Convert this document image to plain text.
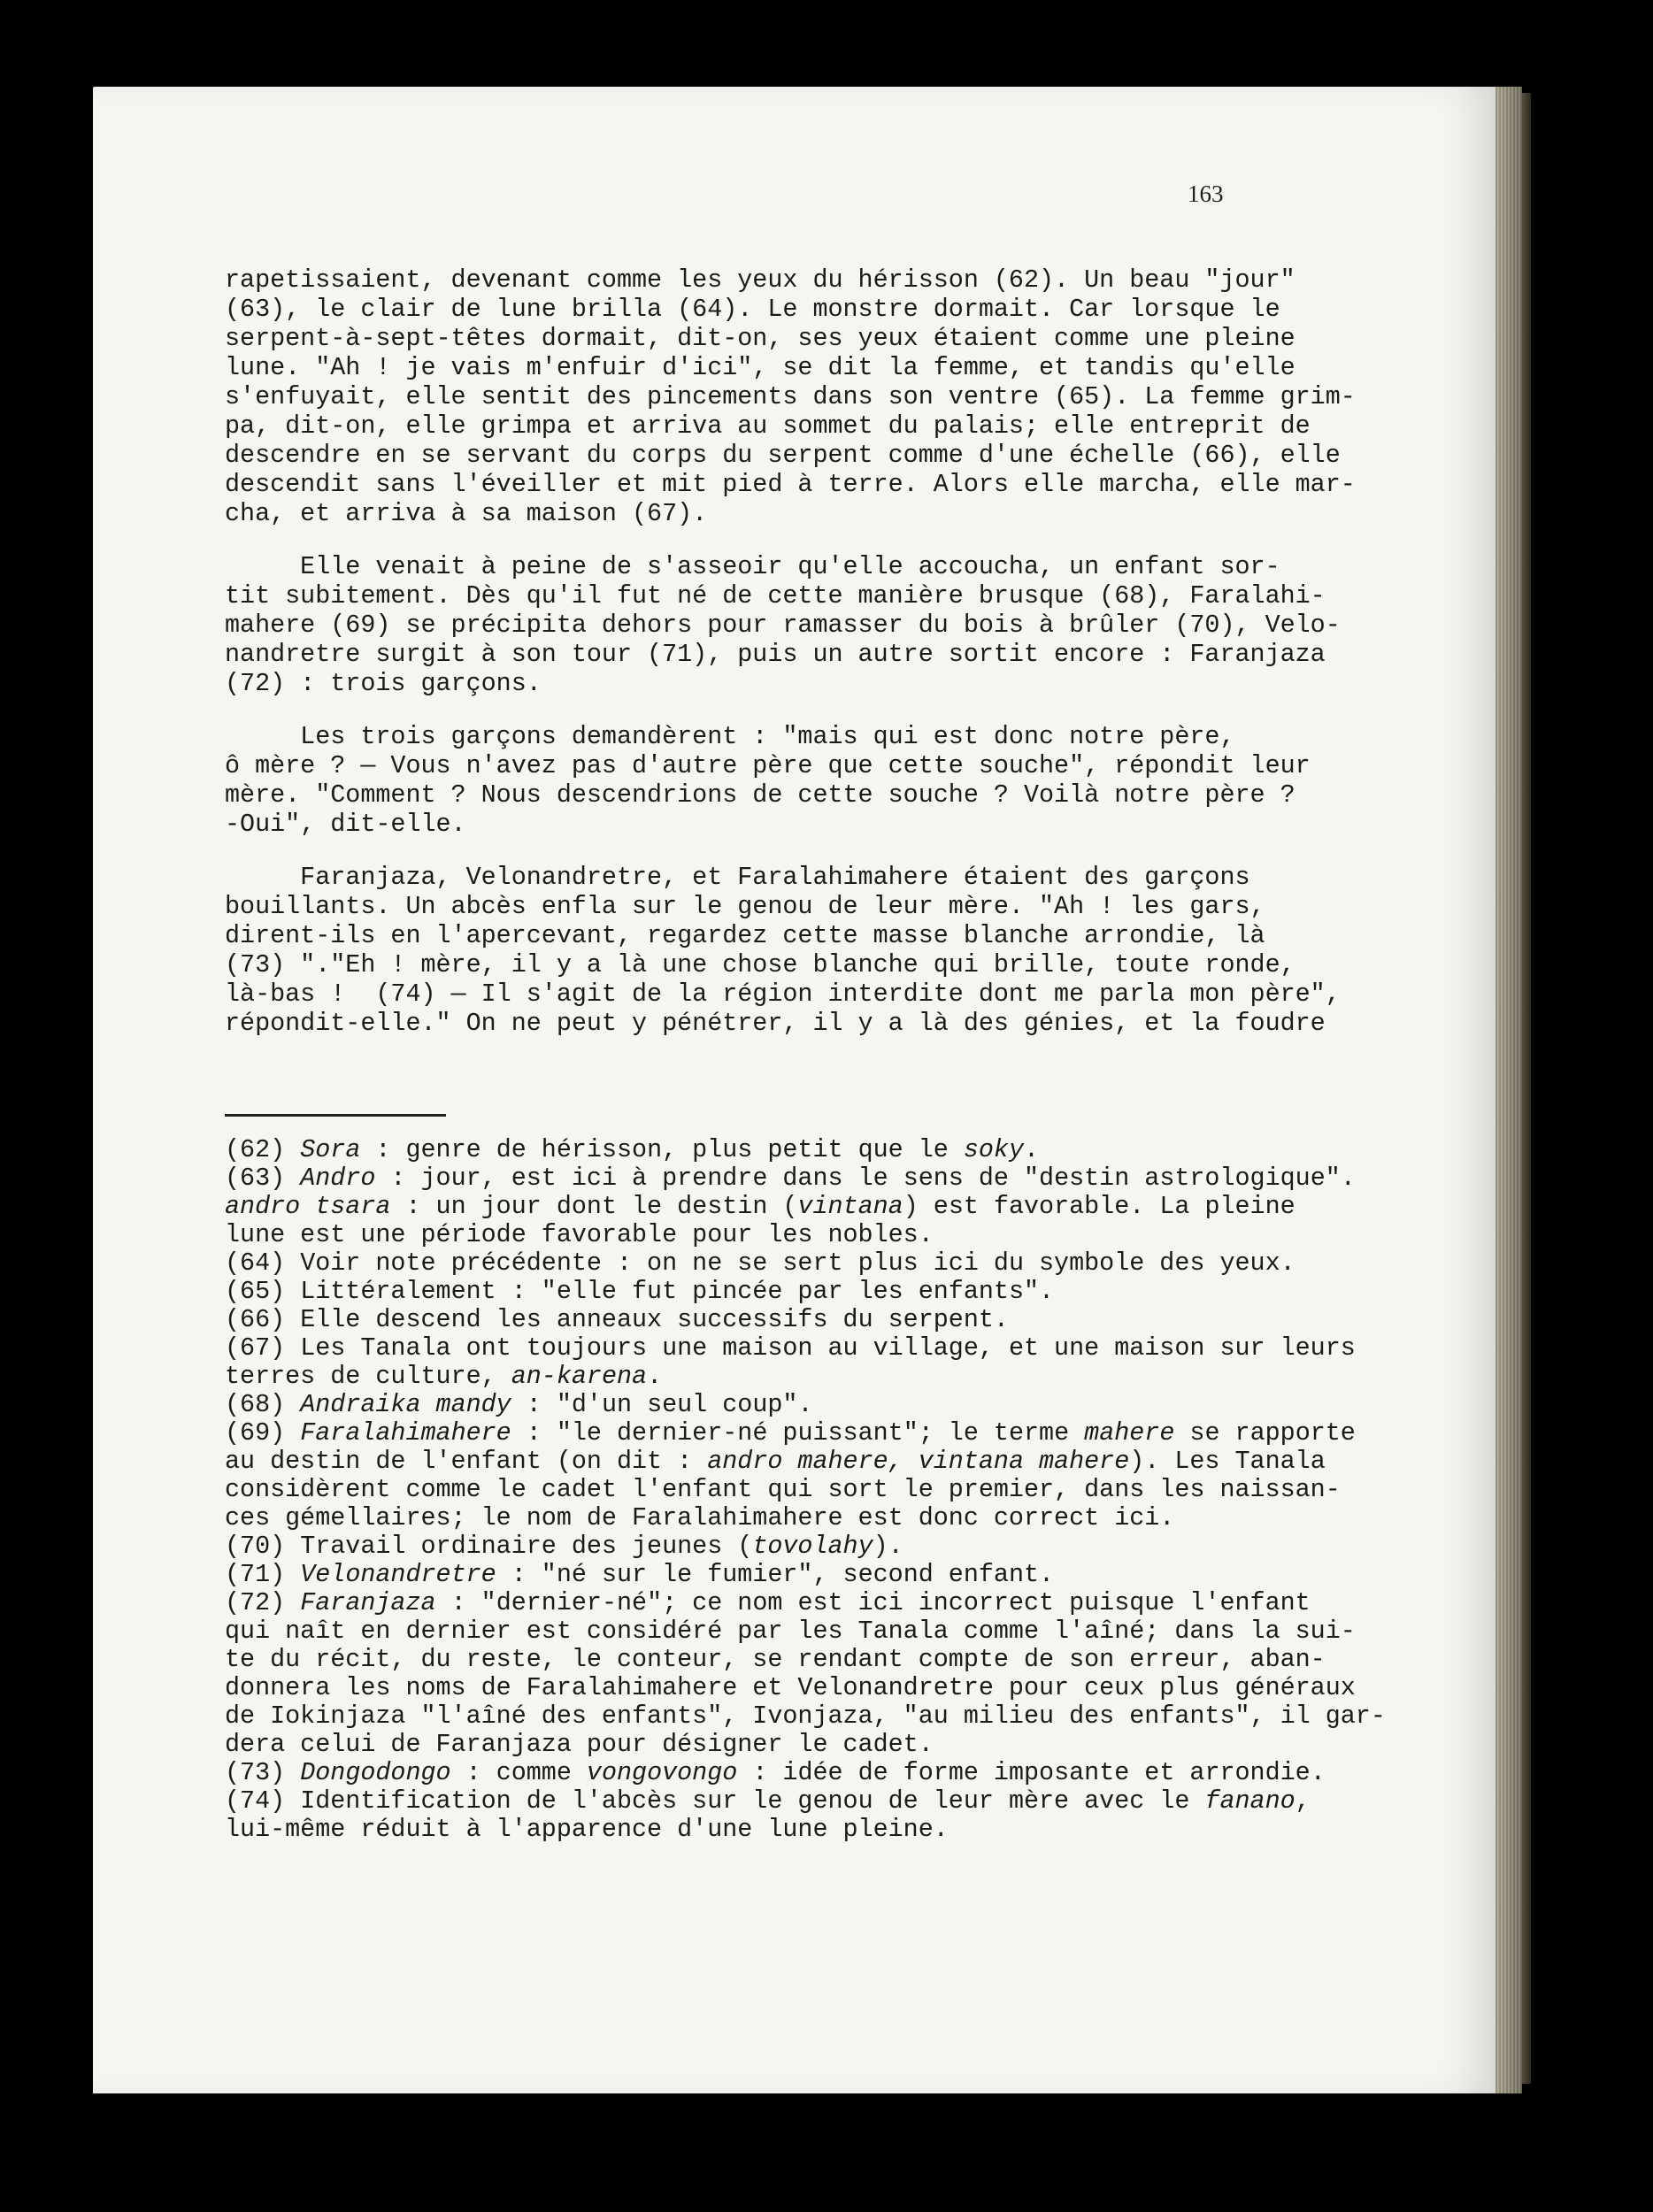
163
rapetissaient, devenant comme les yeux du hérisson (62). Un beau "jour"
(63), le clair de lune brilla (64). Le monstre dormait. Car lorsque le
serpent-à-sept-têtes dormait, dit-on, ses yeux étaient comme une pleine
lune. "Ah ! je vais m'enfuir d'ici", se dit la femme, et tandis qu'elle
s'enfuyait, elle sentit des pincements dans son ventre (65). La femme grim-
pa, dit-on, elle grimpa et arriva au sommet du palais; elle entreprit de
descendre en se servant du corps du serpent comme d'une échelle (66), elle
descendit sans l'éveiller et mit pied à terre. Alors elle marcha, elle mar-
cha, et arriva à sa maison (67).
Elle venait à peine de s'asseoir qu'elle accoucha, un enfant sor-
tit subitement. Dès qu'il fut né de cette manière brusque (68), Faralahi-
mahere (69) se précipita dehors pour ramasser du bois à brûler (70), Velo-
nandretre surgit à son tour (71), puis un autre sortit encore : Faranjaza
(72) : trois garçons.
Les trois garçons demandèrent : "mais qui est donc notre père,
ô mère ? — Vous n'avez pas d'autre père que cette souche", répondit leur
mère. "Comment ? Nous descendrions de cette souche ? Voilà notre père ?
-Oui", dit-elle.
Faranjaza, Velonandretre, et Faralahimahere étaient des garçons
bouillants. Un abcès enfla sur le genou de leur mère. "Ah ! les gars,
dirent-ils en l'apercevant, regardez cette masse blanche arrondie, là
(73) "."Eh ! mère, il y a là une chose blanche qui brille, toute ronde,
là-bas !  (74) — Il s'agit de la région interdite dont me parla mon père",
répondit-elle." On ne peut y pénétrer, il y a là des génies, et la foudre
(62) Sora : genre de hérisson, plus petit que le soky.
(63) Andro : jour, est ici à prendre dans le sens de "destin astrologique".
andro tsara : un jour dont le destin (vintana) est favorable. La pleine
lune est une période favorable pour les nobles.
(64) Voir note précédente : on ne se sert plus ici du symbole des yeux.
(65) Littéralement : "elle fut pincée par les enfants".
(66) Elle descend les anneaux successifs du serpent.
(67) Les Tanala ont toujours une maison au village, et une maison sur leurs
terres de culture, an-karena.
(68) Andraika mandy : "d'un seul coup".
(69) Faralahimahere : "le dernier-né puissant"; le terme mahere se rapporte
au destin de l'enfant (on dit : andro mahere, vintana mahere). Les Tanala
considèrent comme le cadet l'enfant qui sort le premier, dans les naissan-
ces gémellaires; le nom de Faralahimahere est donc correct ici.
(70) Travail ordinaire des jeunes (tovolahy).
(71) Velonandretre : "né sur le fumier", second enfant.
(72) Faranjaza : "dernier-né"; ce nom est ici incorrect puisque l'enfant
qui naît en dernier est considéré par les Tanala comme l'aîné; dans la sui-
te du récit, du reste, le conteur, se rendant compte de son erreur, aban-
donnera les noms de Faralahimahere et Velonandretre pour ceux plus généraux
de Iokinjaza "l'aîné des enfants", Ivonjaza, "au milieu des enfants", il gar-
dera celui de Faranjaza pour désigner le cadet.
(73) Dongodongo : comme vongovongo : idée de forme imposante et arrondie.
(74) Identification de l'abcès sur le genou de leur mère avec le fanano,
lui-même réduit à l'apparence d'une lune pleine.
